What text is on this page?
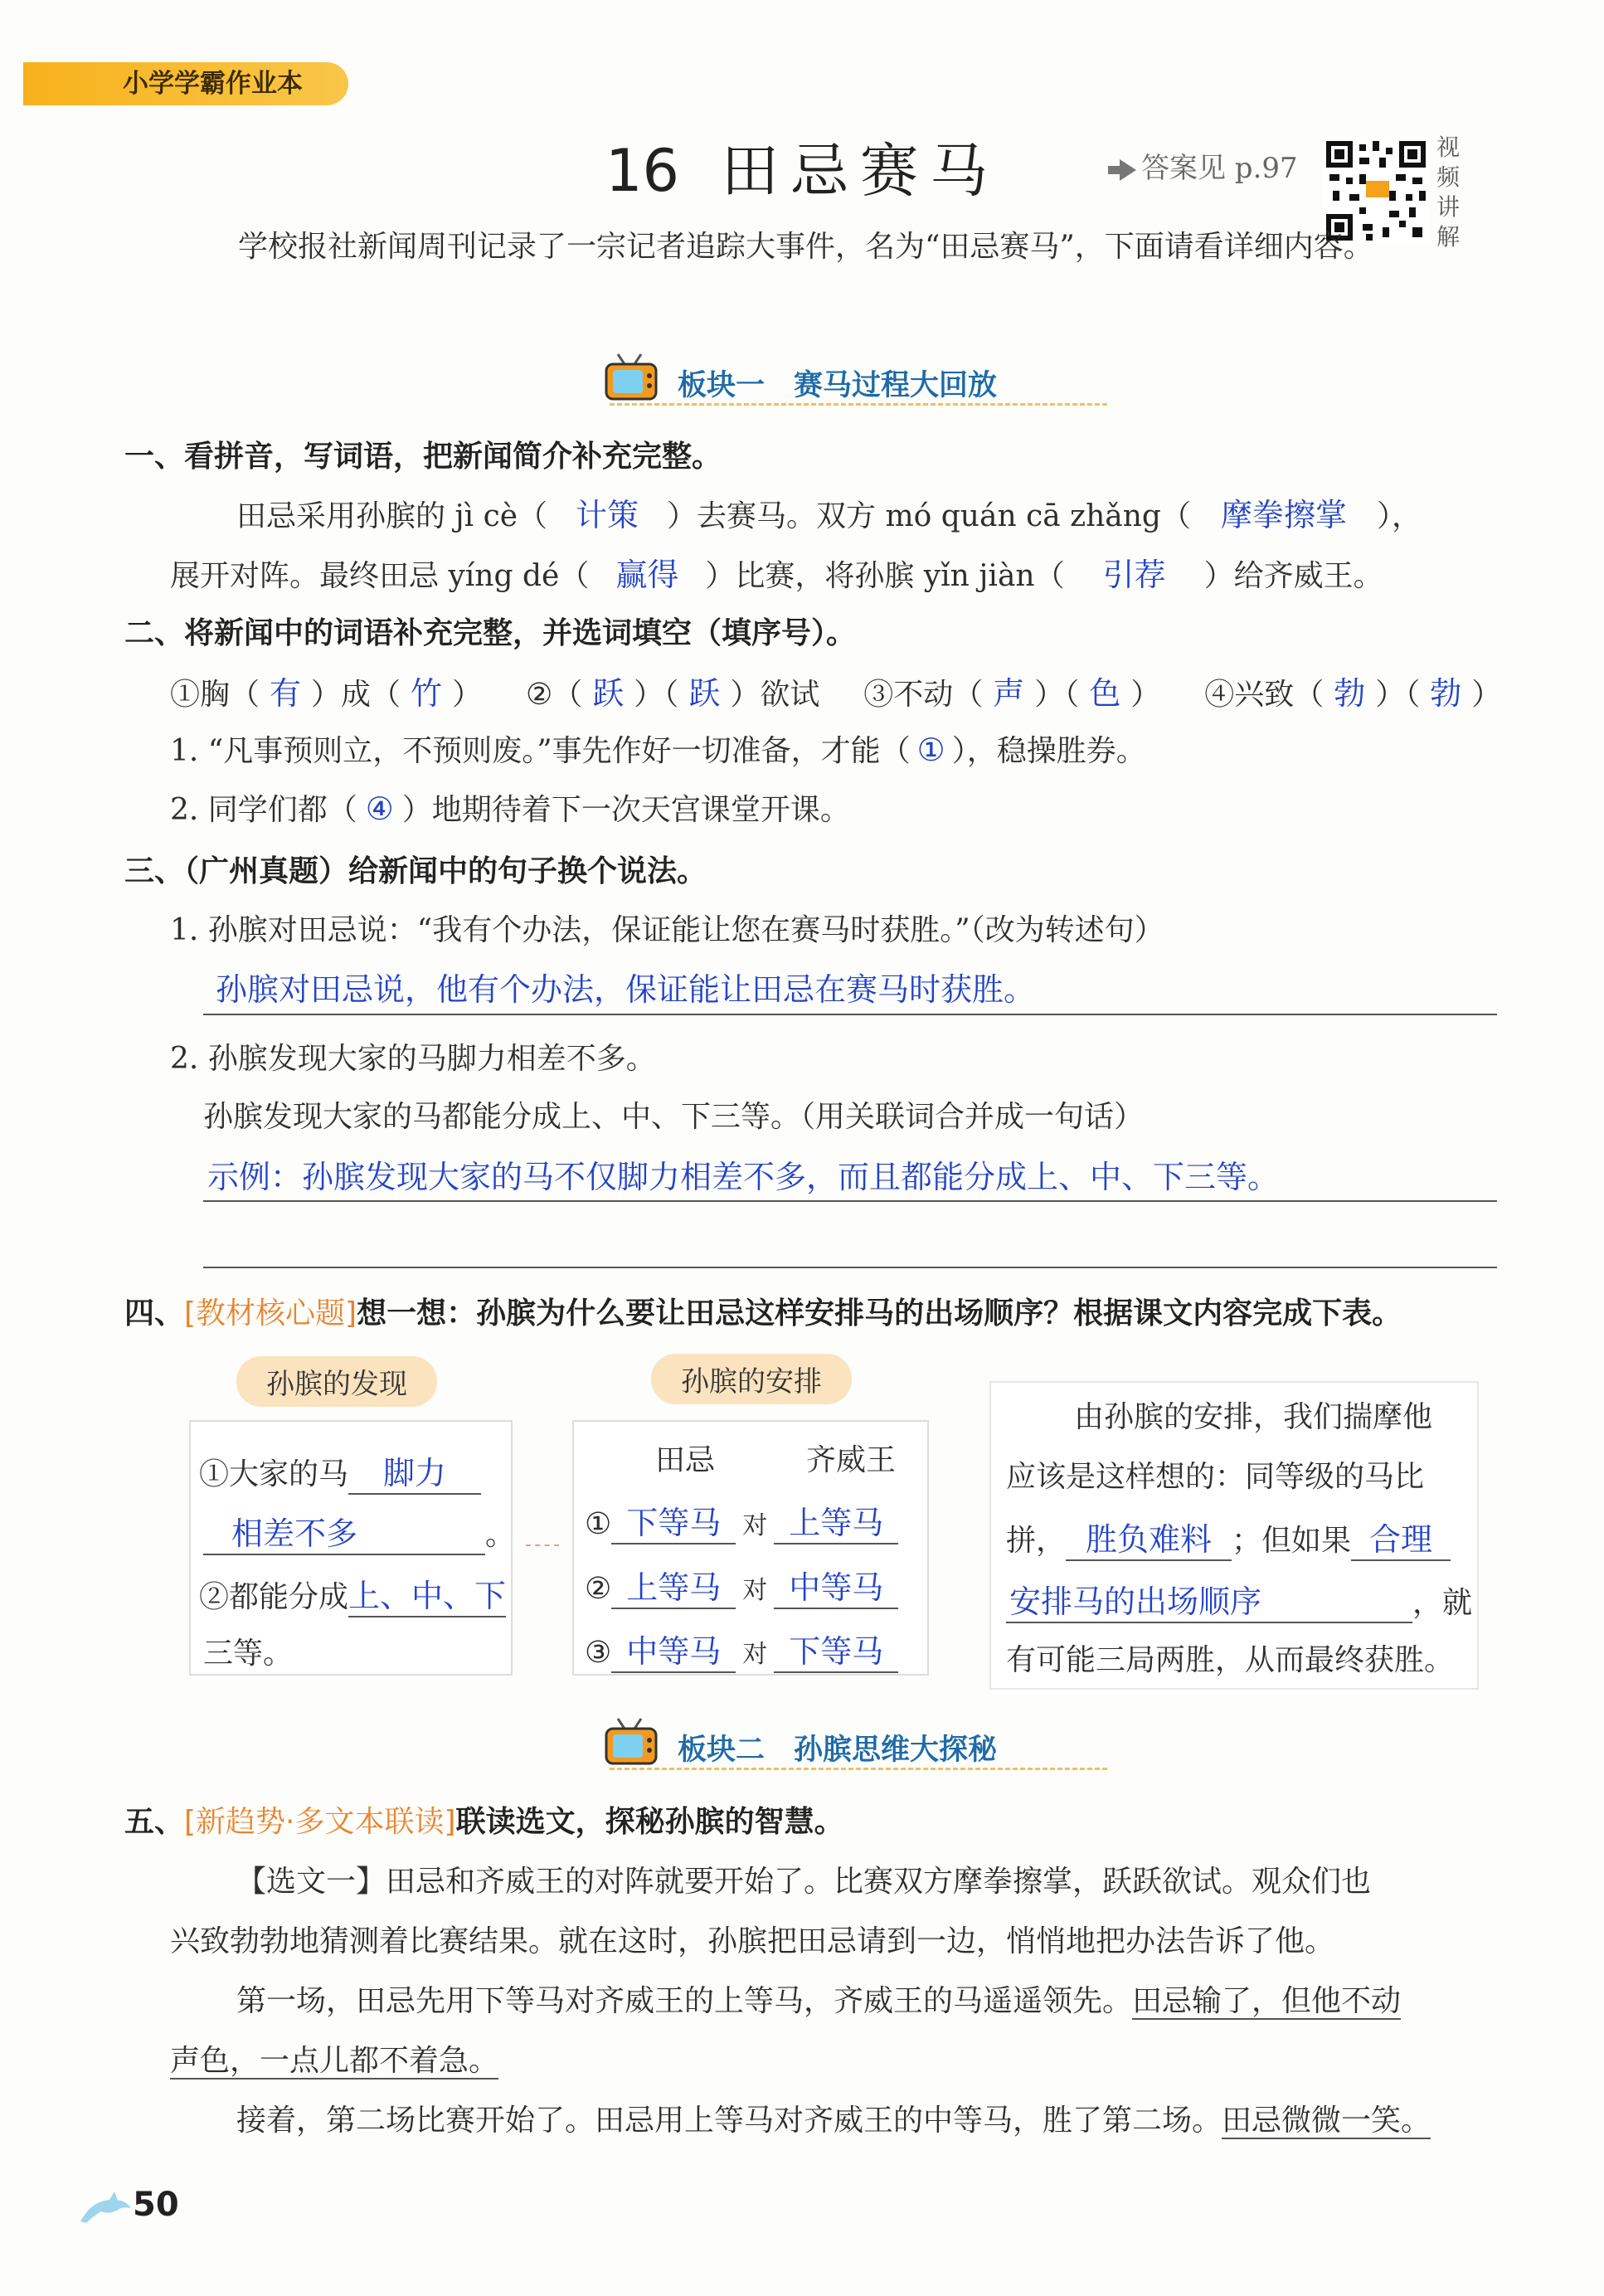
小学学霸作业本
16 田忌赛马	答案见 p.97
视
频
讲
解
学校报社新闻周刊记录了一宗记者追踪大事件，名为“田忌赛马”，下面请看详细内容。
板块一　赛马过程大回放
一、看拼音，写词语，把新闻简介补充完整。
田忌采用孙膑的 jì cè（ 计策 ）去赛马。双方 mó quán cā zhǎng（ 摩拳擦掌 ），
展开对阵。最终田忌 yíng dé（ 赢得 ）比赛，将孙膑 yǐn jiàn（ 引荐 ）给齐威王。
二、将新闻中的词语补充完整，并选词填空（填序号）。
①胸（ 有 ）成（ 竹 ） ②（ 跃 ）（ 跃 ）欲试 ③不动（ 声 ）（ 色 ） ④兴致（ 勃 ）（ 勃 ）
1. “凡事预则立，不预则废。”事先作好一切准备，才能（ ① ），稳操胜券。
2. 同学们都（ ④ ）地期待着下一次天宫课堂开课。
三、（广州真题）给新闻中的句子换个说法。
1. 孙膑对田忌说：“我有个办法，保证能让您在赛马时获胜。”（改为转述句）
孙膑对田忌说，他有个办法，保证能让田忌在赛马时获胜。
2. 孙膑发现大家的马脚力相差不多。
孙膑发现大家的马都能分成上、中、下三等。（用关联词合并成一句话）
示例：孙膑发现大家的马不仅脚力相差不多，而且都能分成上、中、下三等。
四、[教材核心题]想一想：孙膑为什么要让田忌这样安排马的出场顺序？根据课文内容完成下表。
孙膑的发现	孙膑的安排
①大家的马 脚力
相差不多	。
②都能分成上、中、下
三等。
田忌	齐威王
① 下等马 对 上等马
② 上等马 对 中等马
③ 中等马 对 下等马
由孙膑的安排，我们揣摩他
应该是这样想的：同等级的马比
拼， 胜负难料 ；但如果 合理
安排马的出场顺序	，就
有可能三局两胜，从而最终获胜。
板块二　孙膑思维大探秘
五、[新趋势·多文本联读]联读选文，探秘孙膑的智慧。
【选文一】田忌和齐威王的对阵就要开始了。比赛双方摩拳擦掌，跃跃欲试。观众们也
兴致勃勃地猜测着比赛结果。就在这时，孙膑把田忌请到一边，悄悄地把办法告诉了他。
第一场，田忌先用下等马对齐威王的上等马，齐威王的马遥遥领先。田忌输了，但他不动
声色，一点儿都不着急。
接着，第二场比赛开始了。田忌用上等马对齐威王的中等马，胜了第二场。田忌微微一笑。
50
